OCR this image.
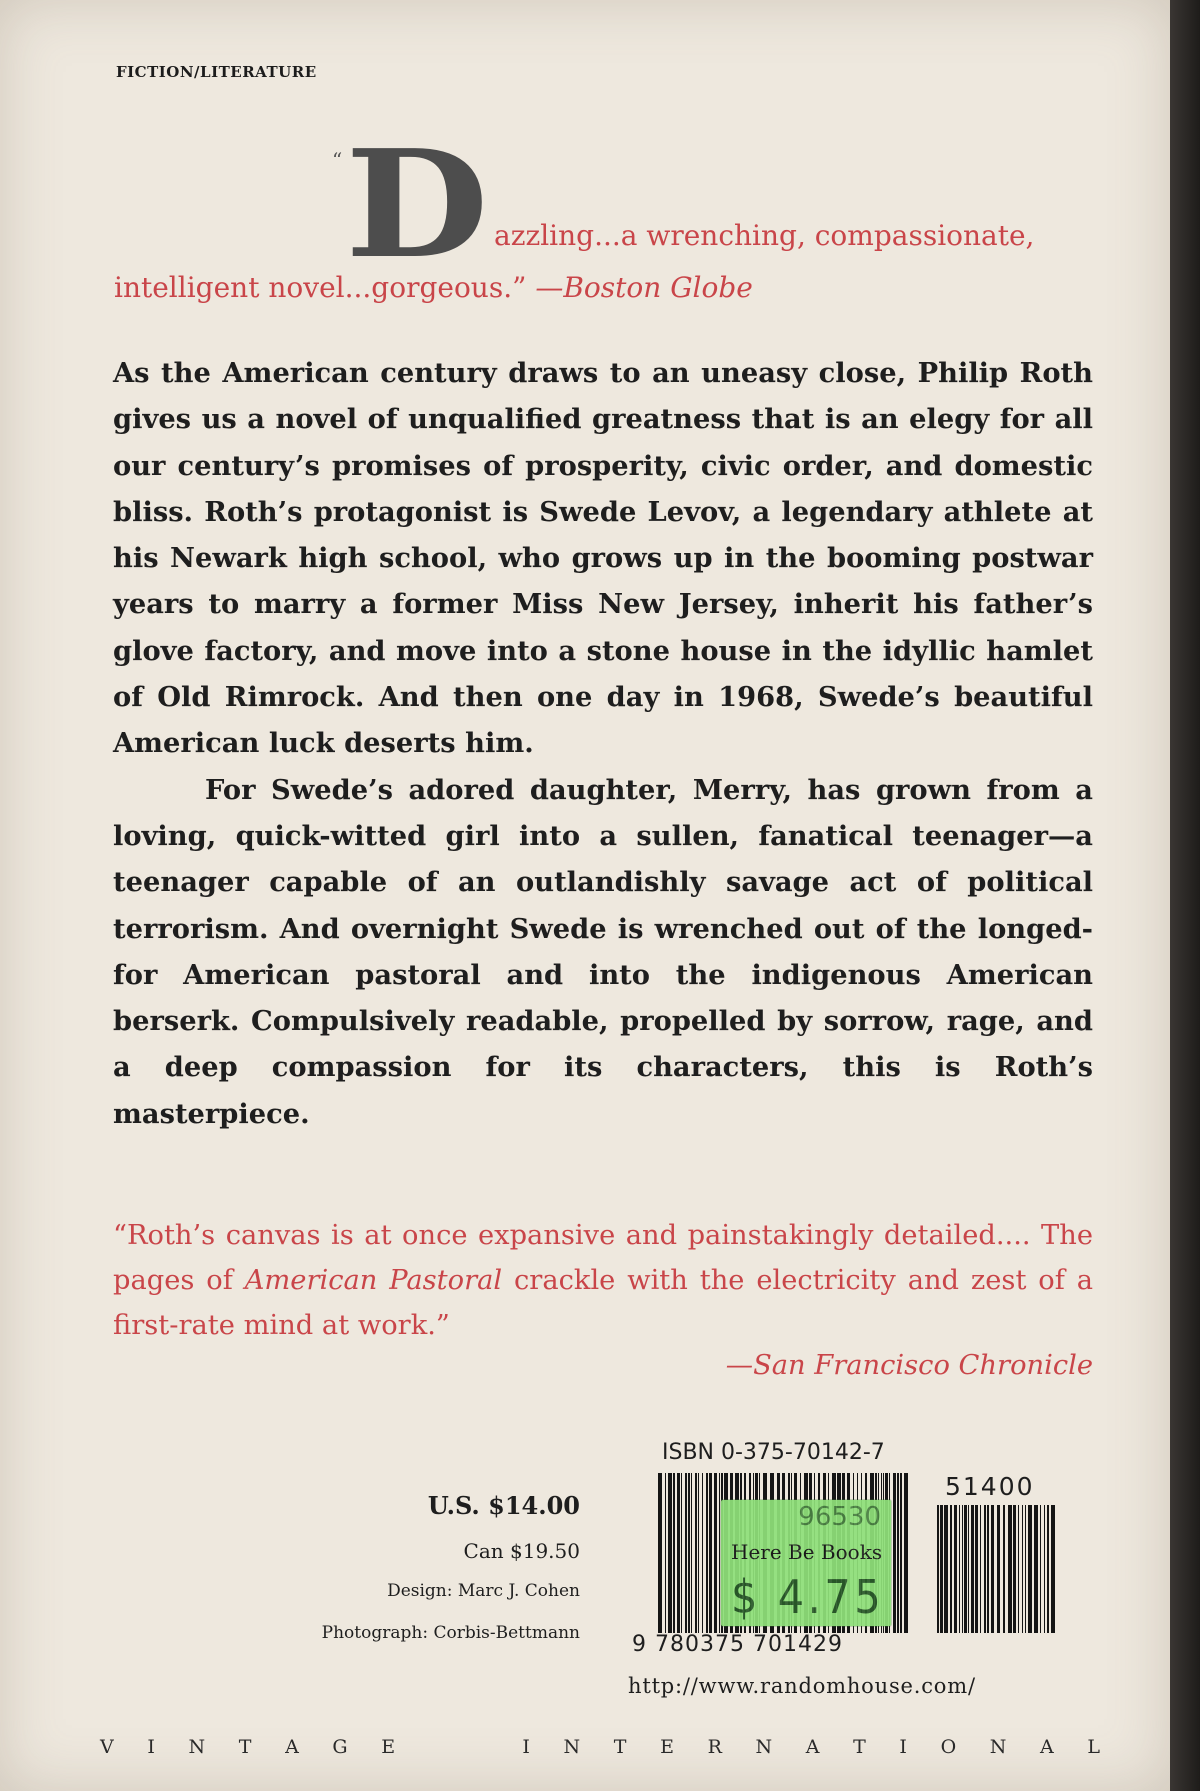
FICTION/LITERATURE
“ D azzling...a wrenching, compassionate,
intelligent novel...gorgeous.” —Boston Globe

As the American century draws to an uneasy close, Philip Roth gives us a novel of unqualified greatness that is an elegy for all our century’s promises of prosperity, civic order, and domestic bliss. Roth’s protagonist is Swede Levov, a legendary athlete at his Newark high school, who grows up in the booming postwar years to marry a former Miss New Jersey, inherit his father’s glove factory, and move into a stone house in the idyllic hamlet of Old Rimrock. And then one day in 1968, Swede’s beautiful American luck deserts him.

For Swede’s adored daughter, Merry, has grown from a loving, quick-witted girl into a sullen, fanatical teenager—a teenager capable of an outlandishly savage act of political terrorism. And overnight Swede is wrenched out of the longed-for American pastoral and into the indigenous American berserk. Compulsively readable, propelled by sorrow, rage, and a deep compassion for its characters, this is Roth’s masterpiece.

“Roth’s canvas is at once expansive and painstakingly detailed.... The pages of American Pastoral crackle with the electricity and zest of a first-rate mind at work.”
—San Francisco Chronicle
U.S. $14.00
Can $19.50
Design: Marc J. Cohen
Photograph: Corbis-Bettmann
ISBN 0-375-70142-7
51400
9 780375 701429
96530
Here Be Books
$ 4.75
http://www.randomhouse.com/
V I N T A G E	I N T E R N A T I O N A L
